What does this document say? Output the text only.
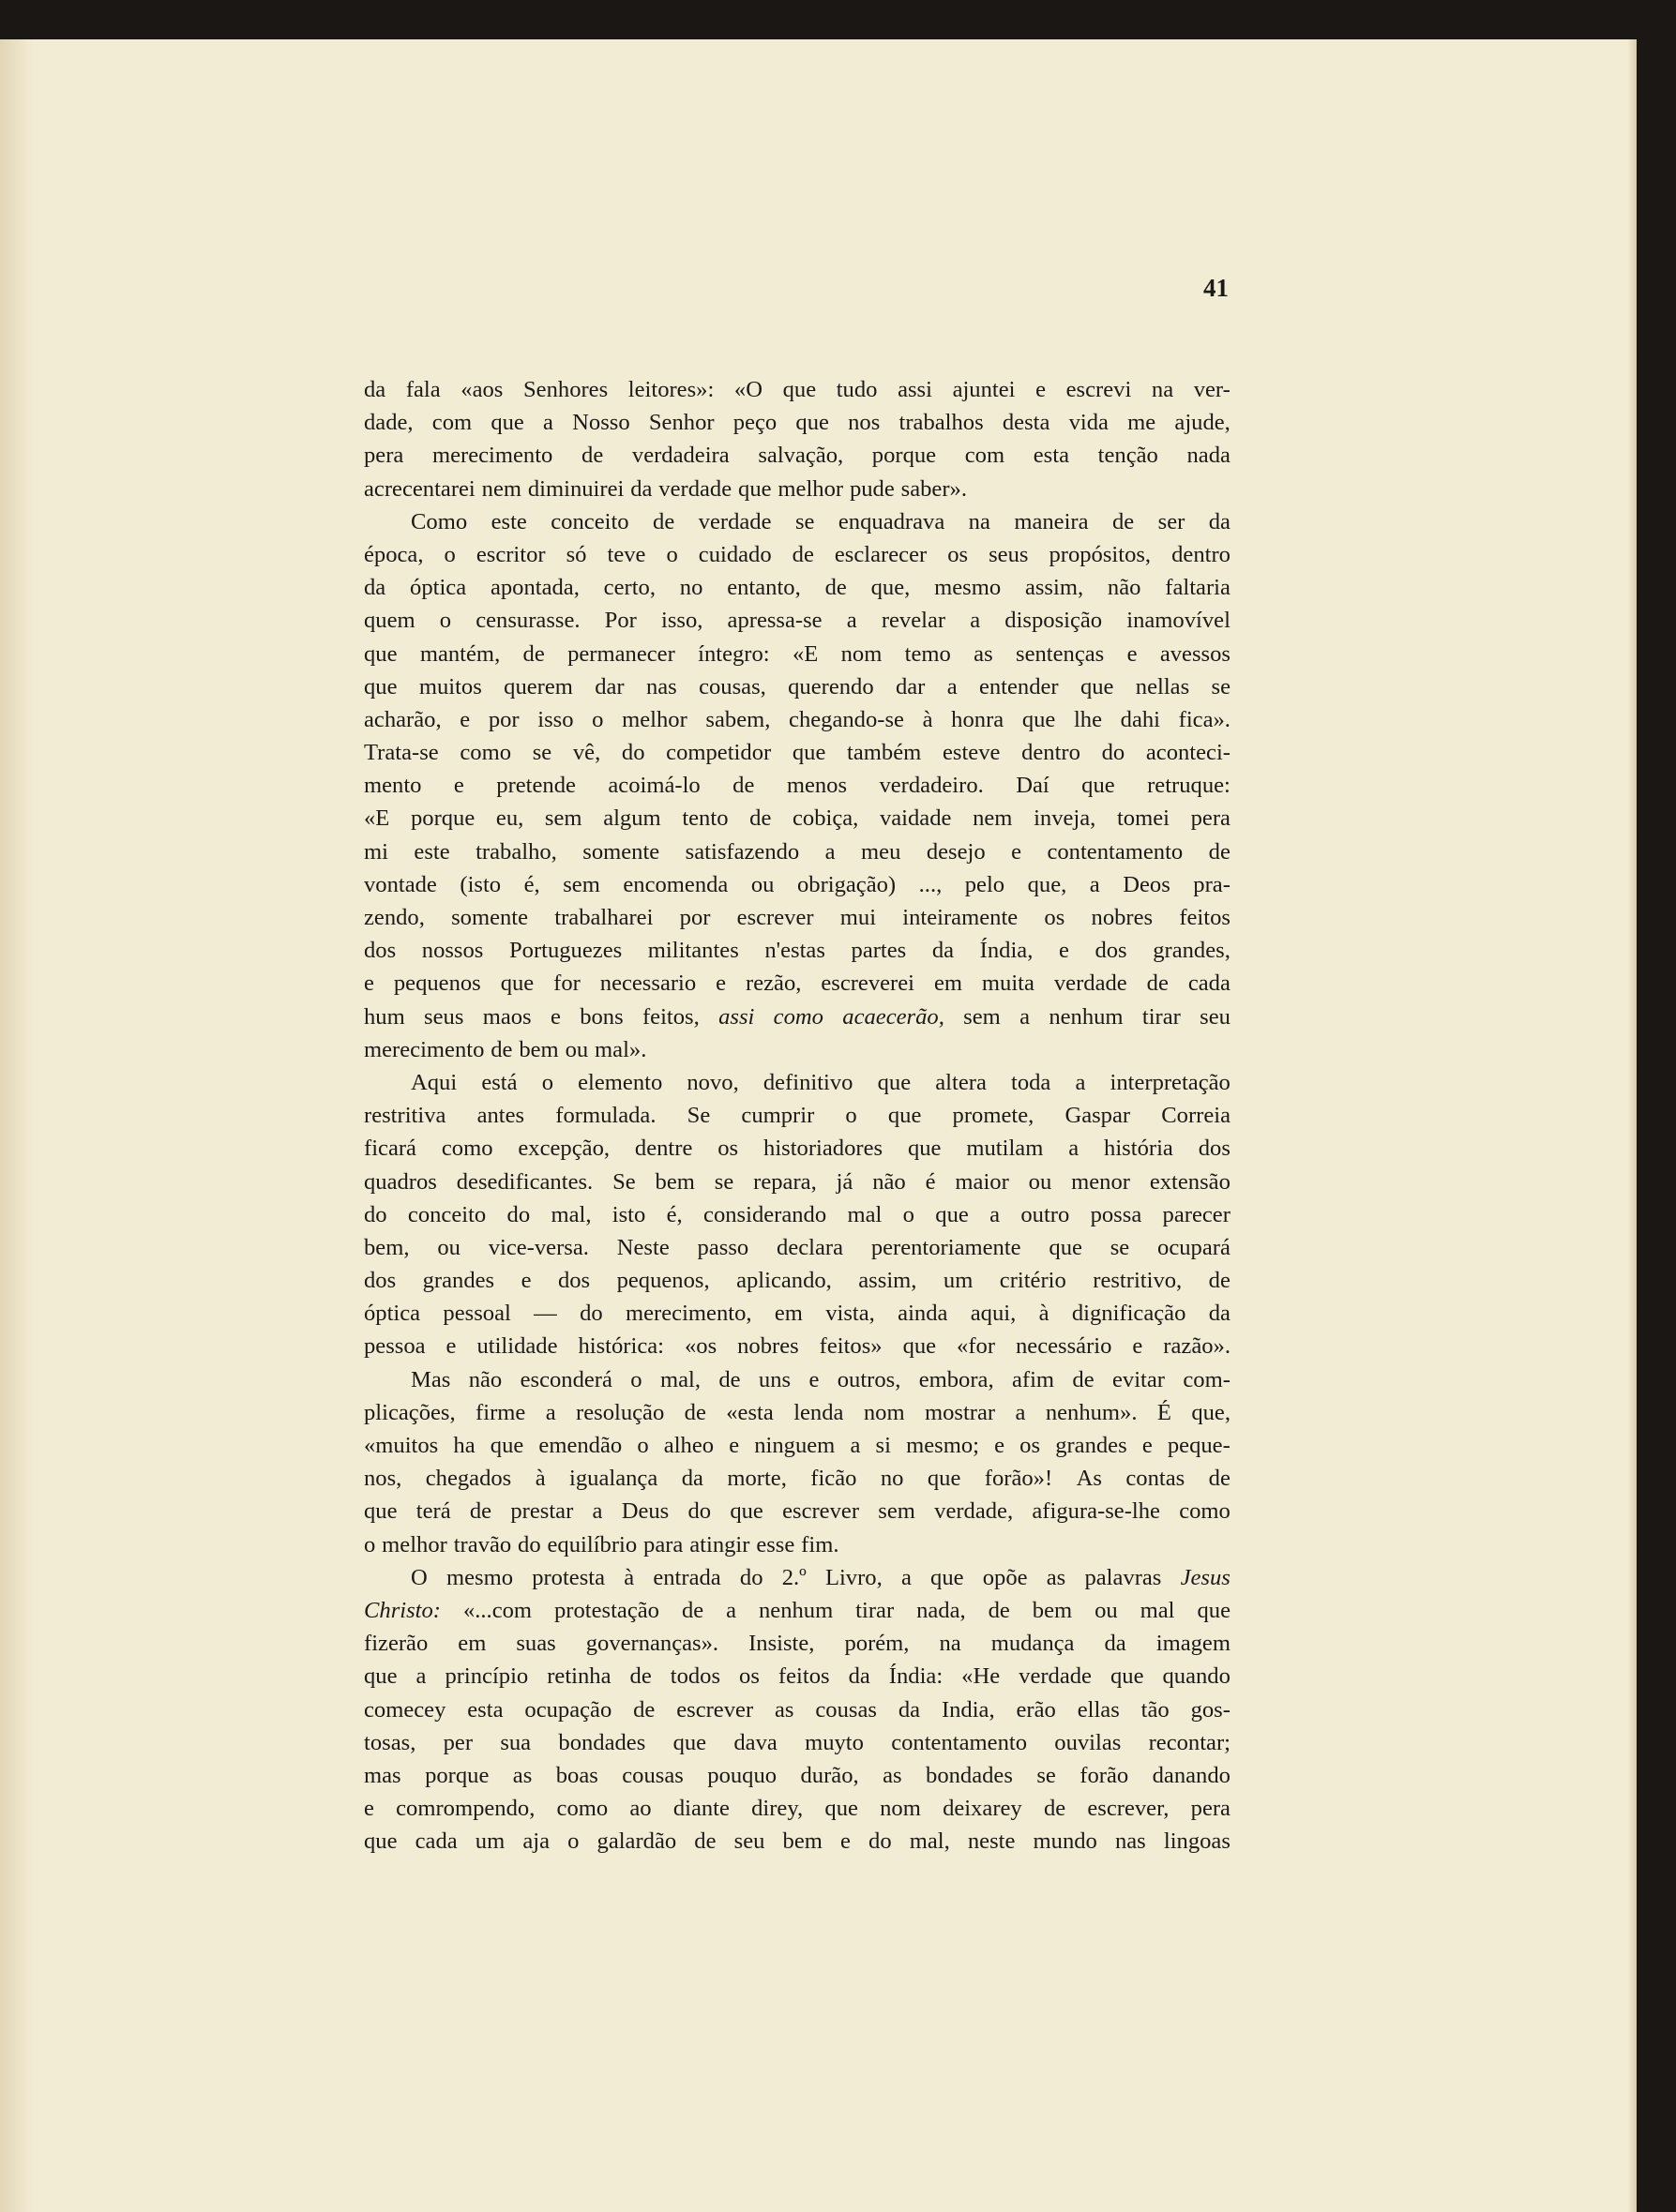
41
da fala «aos Senhores leitores»: «O que tudo assi ajuntei e escrevi na ver-
dade, com que a Nosso Senhor peço que nos trabalhos desta vida me ajude,
pera merecimento de verdadeira salvação, porque com esta tenção nada
acrecentarei nem diminuirei da verdade que melhor pude saber».
Como este conceito de verdade se enquadrava na maneira de ser da
época, o escritor só teve o cuidado de esclarecer os seus propósitos, dentro
da óptica apontada, certo, no entanto, de que, mesmo assim, não faltaria
quem o censurasse. Por isso, apressa-se a revelar a disposição inamovível
que mantém, de permanecer íntegro: «E nom temo as sentenças e avessos
que muitos querem dar nas cousas, querendo dar a entender que nellas se
acharão, e por isso o melhor sabem, chegando-se à honra que lhe dahi fica».
Trata-se como se vê, do competidor que também esteve dentro do aconteci-
mento e pretende acoimá-lo de menos verdadeiro. Daí que retruque:
«E porque eu, sem algum tento de cobiça, vaidade nem inveja, tomei pera
mi este trabalho, somente satisfazendo a meu desejo e contentamento de
vontade (isto é, sem encomenda ou obrigação) ..., pelo que, a Deos pra-
zendo, somente trabalharei por escrever mui inteiramente os nobres feitos
dos nossos Portuguezes militantes n'estas partes da Índia, e dos grandes,
e pequenos que for necessario e rezão, escreverei em muita verdade de cada
hum seus maos e bons feitos, assi como acaecerão, sem a nenhum tirar seu
merecimento de bem ou mal».
Aqui está o elemento novo, definitivo que altera toda a interpretação
restritiva antes formulada. Se cumprir o que promete, Gaspar Correia
ficará como excepção, dentre os historiadores que mutilam a história dos
quadros desedificantes. Se bem se repara, já não é maior ou menor extensão
do conceito do mal, isto é, considerando mal o que a outro possa parecer
bem, ou vice-versa. Neste passo declara perentoriamente que se ocupará
dos grandes e dos pequenos, aplicando, assim, um critério restritivo, de
óptica pessoal — do merecimento, em vista, ainda aqui, à dignificação da
pessoa e utilidade histórica: «os nobres feitos» que «for necessário e razão».
Mas não esconderá o mal, de uns e outros, embora, afim de evitar com-
plicações, firme a resolução de «esta lenda nom mostrar a nenhum». É que,
«muitos ha que emendão o alheo e ninguem a si mesmo; e os grandes e peque-
nos, chegados à igualança da morte, ficão no que forão»! As contas de
que terá de prestar a Deus do que escrever sem verdade, afigura-se-lhe como
o melhor travão do equilíbrio para atingir esse fim.
O mesmo protesta à entrada do 2.º Livro, a que opõe as palavras Jesus
Christo: «...com protestação de a nenhum tirar nada, de bem ou mal que
fizerão em suas governanças». Insiste, porém, na mudança da imagem
que a princípio retinha de todos os feitos da Índia: «He verdade que quando
comecey esta ocupação de escrever as cousas da India, erão ellas tão gos-
tosas, per sua bondades que dava muyto contentamento ouvilas recontar;
mas porque as boas cousas pouquo durão, as bondades se forão danando
e comrompendo, como ao diante direy, que nom deixarey de escrever, pera
que cada um aja o galardão de seu bem e do mal, neste mundo nas lingoas
